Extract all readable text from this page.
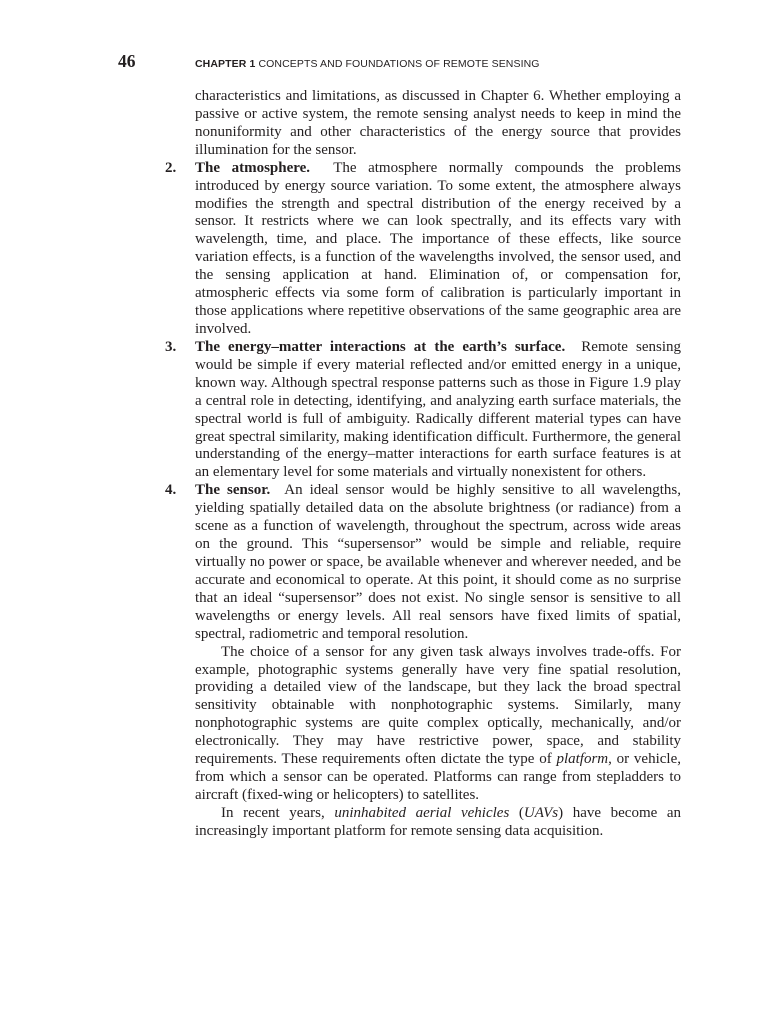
46	CHAPTER 1 CONCEPTS AND FOUNDATIONS OF REMOTE SENSING

characteristics and limitations, as discussed in Chapter 6. Whether employing a passive or active system, the remote sensing analyst needs to keep in mind the nonuniformity and other characteristics of the energy source that provides illumination for the sensor.

2. The atmosphere. The atmosphere normally compounds the problems introduced by energy source variation. To some extent, the atmosphere always modifies the strength and spectral distribution of the energy received by a sensor. It restricts where we can look spectrally, and its effects vary with wavelength, time, and place. The importance of these effects, like source variation effects, is a function of the wavelengths involved, the sensor used, and the sensing application at hand. Elimination of, or compensation for, atmospheric effects via some form of calibration is particularly important in those applications where repetitive observations of the same geographic area are involved.

3. The energy–matter interactions at the earth’s surface. Remote sensing would be simple if every material reflected and/or emitted energy in a unique, known way. Although spectral response patterns such as those in Figure 1.9 play a central role in detecting, identifying, and analyzing earth surface materials, the spectral world is full of ambiguity. Radically different material types can have great spectral similarity, making identification difficult. Furthermore, the general understanding of the energy–matter interactions for earth surface features is at an elementary level for some materials and virtually nonexistent for others.

4. The sensor. An ideal sensor would be highly sensitive to all wavelengths, yielding spatially detailed data on the absolute brightness (or radiance) from a scene as a function of wavelength, throughout the spectrum, across wide areas on the ground. This “supersensor” would be simple and reliable, require virtually no power or space, be available whenever and wherever needed, and be accurate and economical to operate. At this point, it should come as no surprise that an ideal “supersensor” does not exist. No single sensor is sensitive to all wavelengths or energy levels. All real sensors have fixed limits of spatial, spectral, radiometric and temporal resolution.

The choice of a sensor for any given task always involves trade-offs. For example, photographic systems generally have very fine spatial resolution, providing a detailed view of the landscape, but they lack the broad spectral sensitivity obtainable with nonphotographic systems. Similarly, many nonphotographic systems are quite complex optically, mechanically, and/or electronically. They may have restrictive power, space, and stability requirements. These requirements often dictate the type of platform, or vehicle, from which a sensor can be operated. Platforms can range from stepladders to aircraft (fixed-wing or helicopters) to satellites.

In recent years, uninhabited aerial vehicles (UAVs) have become an increasingly important platform for remote sensing data acquisition.
